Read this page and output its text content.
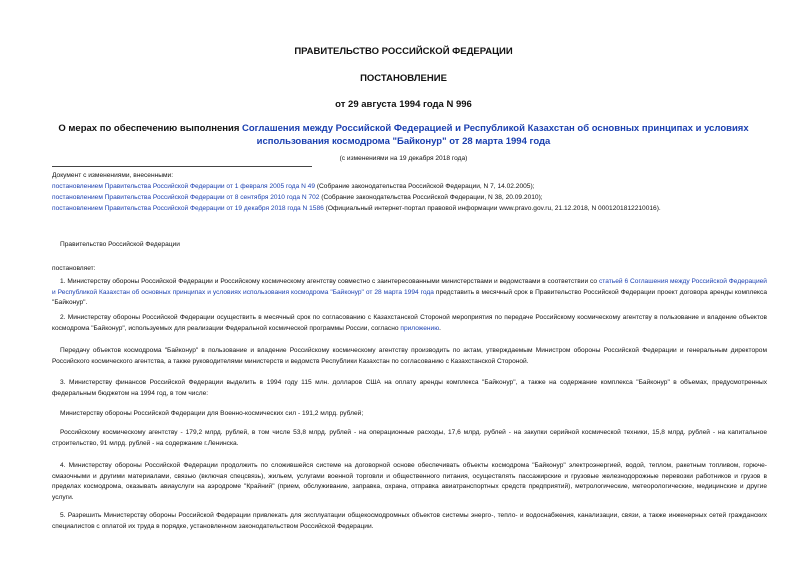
ПРАВИТЕЛЬСТВО РОССИЙСКОЙ ФЕДЕРАЦИИ
ПОСТАНОВЛЕНИЕ
от 29 августа 1994 года N 996
О мерах по обеспечению выполнения Соглашения между Российской Федерацией и Республикой Казахстан об основных принципах и условиях использования космодрома "Байконур" от 28 марта 1994 года
(с изменениями на 19 декабря 2018 года)
Документ с изменениями, внесенными:
постановлением Правительства Российской Федерации от 1 февраля 2005 года N 49 (Собрание законодательства Российской Федерации, N 7, 14.02.2005);
постановлением Правительства Российской Федерации от 8 сентября 2010 года N 702 (Собрание законодательства Российской Федерации, N 38, 20.09.2010);
постановлением Правительства Российской Федерации от 19 декабря 2018 года N 1586 (Официальный интернет-портал правовой информации www.pravo.gov.ru, 21.12.2018, N 0001201812210016).
Правительство Российской Федерации
постановляет:
1. Министерству обороны Российской Федерации и Российскому космическому агентству совместно с заинтересованными министерствами и ведомствами в соответствии со статьей 6 Соглашения между Российской Федерацией и Республикой Казахстан об основных принципах и условиях использования космодрома "Байконур" от 28 марта 1994 года представить в месячный срок в Правительство Российской Федерации проект договора аренды комплекса "Байконур".
2. Министерству обороны Российской Федерации осуществить в месячный срок по согласованию с Казахстанской Стороной мероприятия по передаче Российскому космическому агентству в пользование и владение объектов космодрома "Байконур", используемых для реализации Федеральной космической программы России, согласно приложению.
Передачу объектов космодрома "Байконур" в пользование и владение Российскому космическому агентству производить по актам, утверждаемым Министром обороны Российской Федерации и генеральным директором Российского космического агентства, а также руководителями министерств и ведомств Республики Казахстан по согласованию с Казахстанской Стороной.
3. Министерству финансов Российской Федерации выделить в 1994 году 115 млн. долларов США на оплату аренды комплекса "Байконур", а также на содержание комплекса "Байконур" в объемах, предусмотренных федеральным бюджетом на 1994 год, в том числе:
Министерству обороны Российской Федерации для Военно-космических сил - 191,2 млрд. рублей;
Российскому космическому агентству - 179,2 млрд. рублей, в том числе 53,8 млрд. рублей - на операционные расходы, 17,6 млрд. рублей - на закупки серийной космической техники, 15,8 млрд. рублей - на капитальное строительство, 91 млрд. рублей - на содержание г.Ленинска.
4. Министерству обороны Российской Федерации продолжить по сложившейся системе на договорной основе обеспечивать объекты космодрома "Байконур" электроэнергией, водой, теплом, ракетным топливом, горюче-смазочными и другими материалами, связью (включая спецсвязь), жильем, услугами военной торговли и общественного питания, осуществлять пассажирские и грузовые железнодорожные перевозки работников и грузов в пределах космодрома, оказывать авиауслуги на аэродроме "Крайний" (прием, обслуживание, заправка, охрана, отправка авиатранспортных средств предприятий), метрологические, метеорологические, медицинские и другие услуги.
5. Разрешить Министерству обороны Российской Федерации привлекать для эксплуатации общекосмодромных объектов системы энерго-, тепло- и водоснабжения, канализации, связи, а также инженерных сетей гражданских специалистов с оплатой их труда в порядке, установленном законодательством Российской Федерации.
